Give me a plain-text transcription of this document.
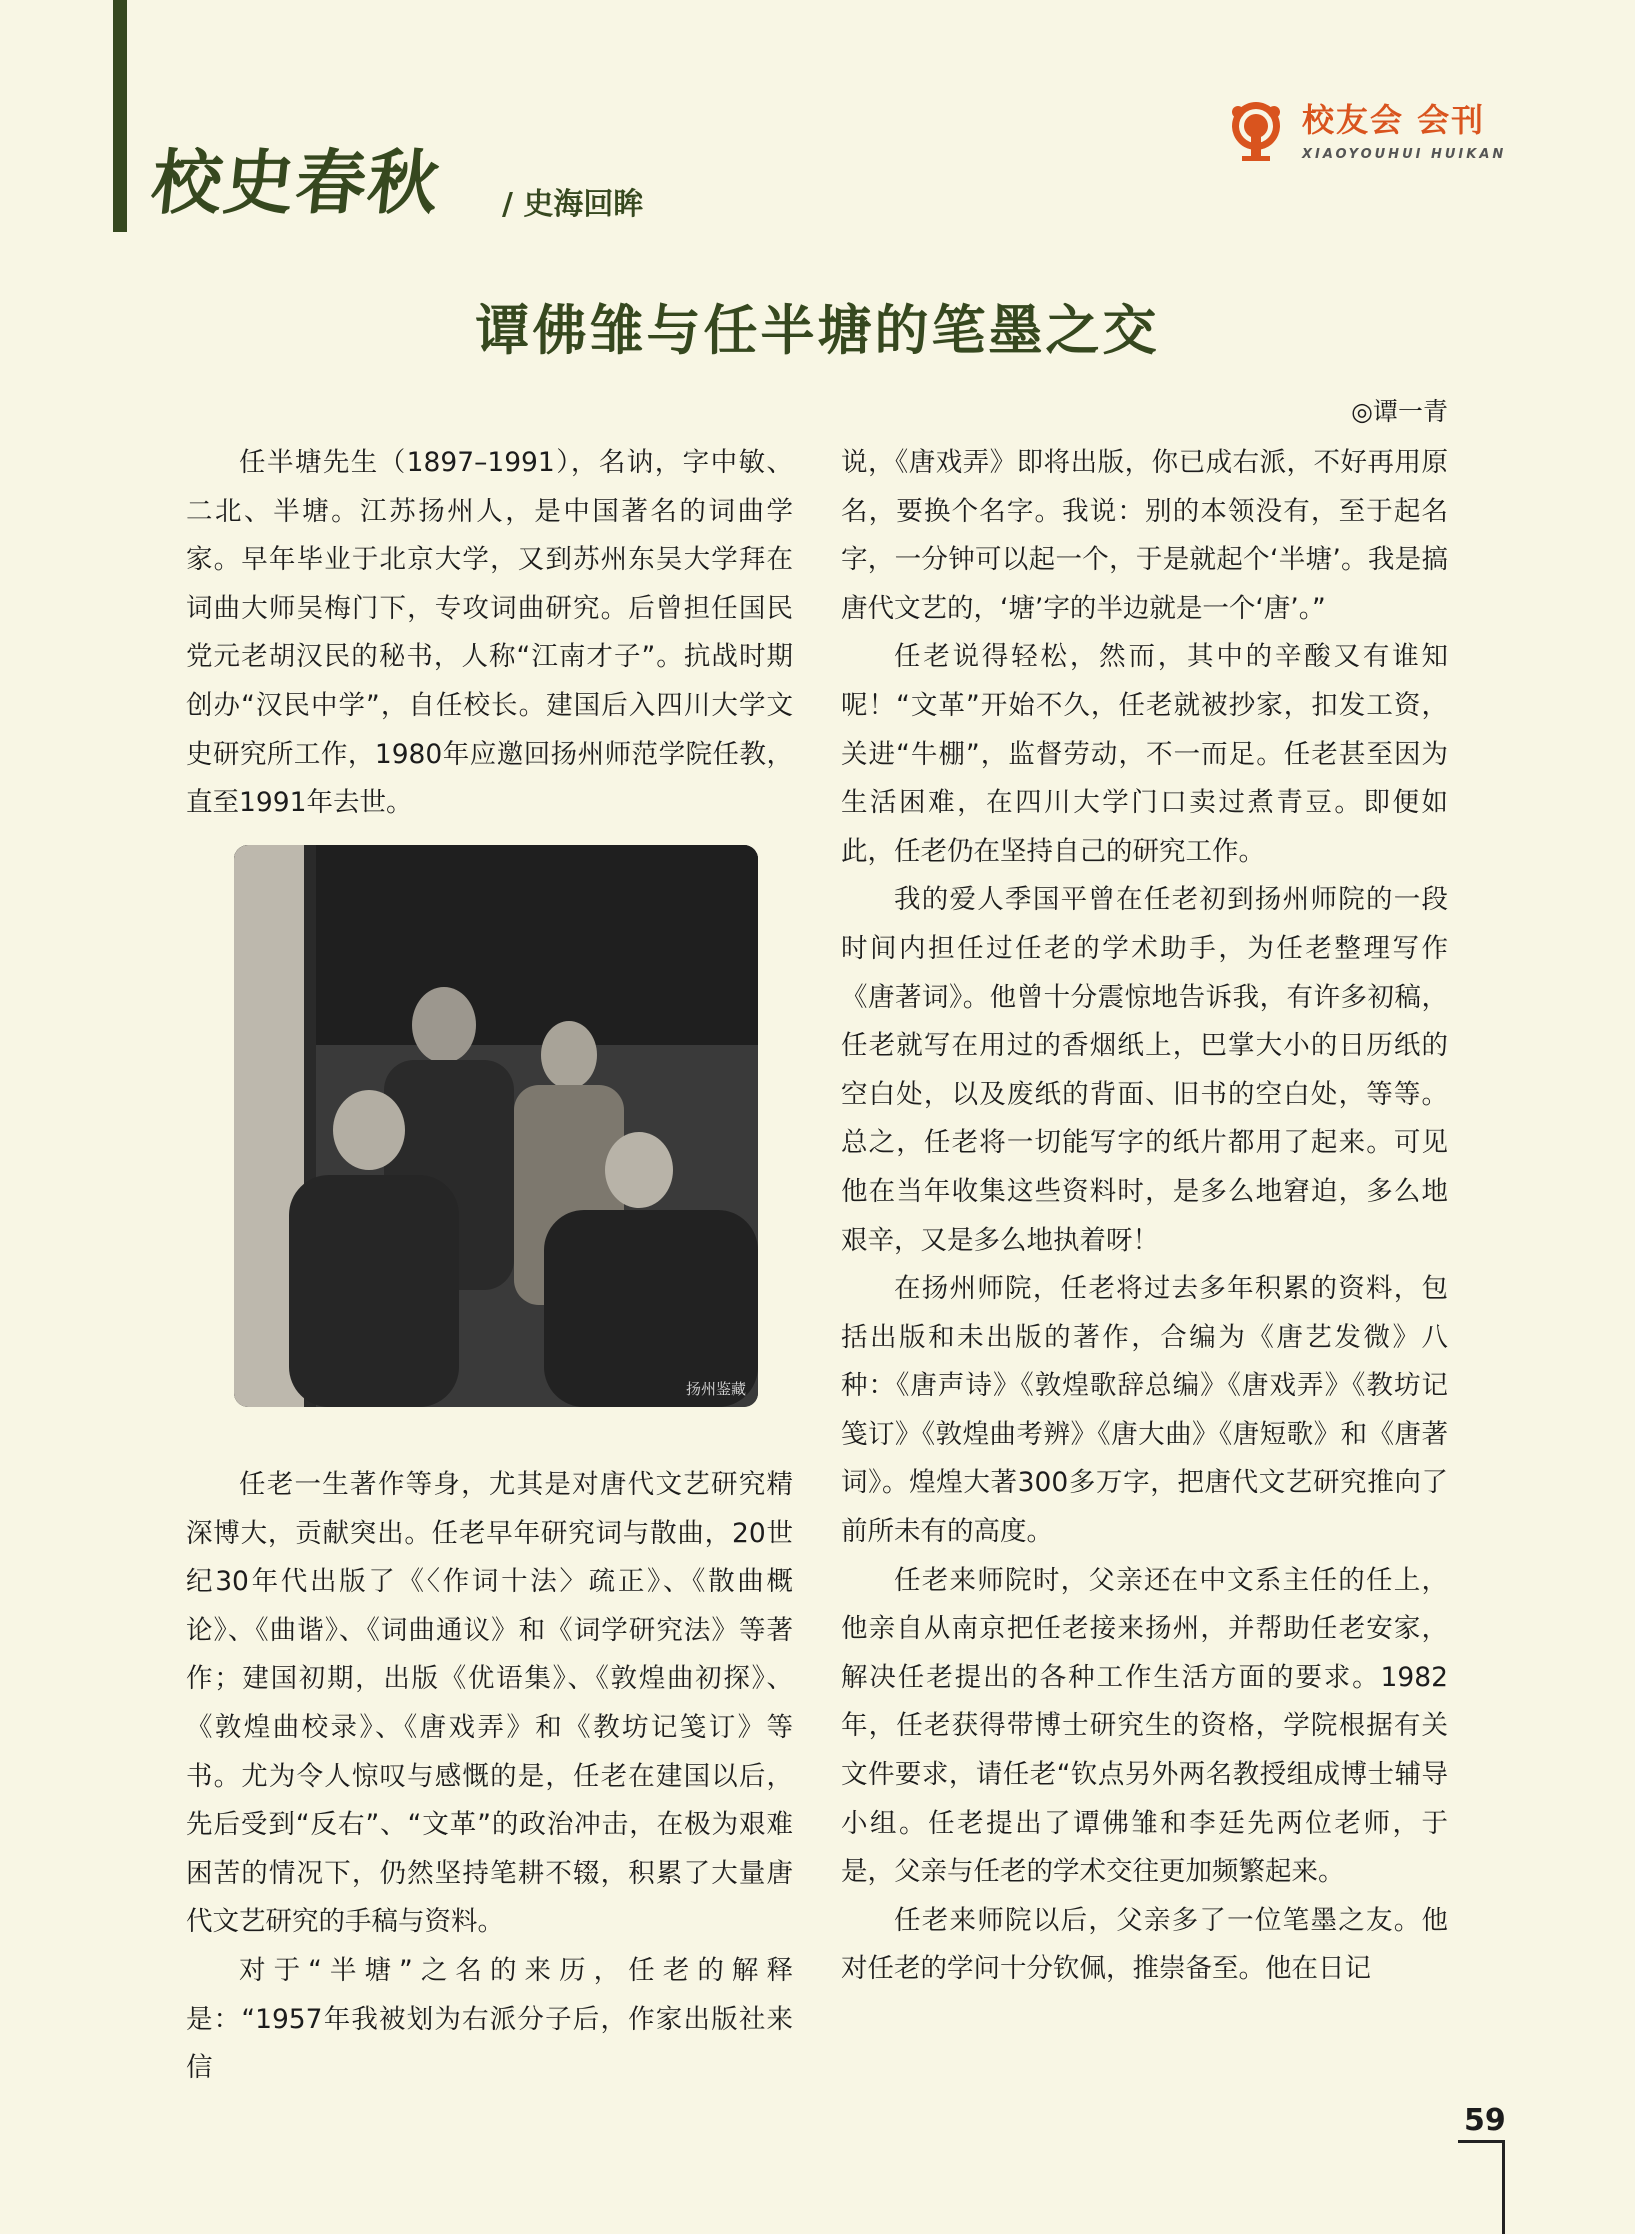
校史春秋 / 史海回眸
校友会 会刊
XIAOYOUHUI HUIKAN
谭佛雏与任半塘的笔墨之交
◎谭一青

任半塘先生（1897–1991），名讷，字中敏、二北、半塘。江苏扬州人，是中国著名的词曲学家。早年毕业于北京大学，又到苏州东吴大学拜在词曲大师吴梅门下，专攻词曲研究。后曾担任国民党元老胡汉民的秘书，人称“江南才子”。抗战时期创办“汉民中学”，自任校长。建国后入四川大学文史研究所工作，1980年应邀回扬州师范学院任教，直至1991年去世。

扬州鉴藏

任老一生著作等身，尤其是对唐代文艺研究精深博大，贡献突出。任老早年研究词与散曲，20世纪30年代出版了《〈作词十法〉疏正》、《散曲概论》、《曲谐》、《词曲通议》和《词学研究法》等著作；建国初期，出版《优语集》、《敦煌曲初探》、《敦煌曲校录》、《唐戏弄》和《教坊记笺订》等书。尤为令人惊叹与感慨的是，任老在建国以后，先后受到“反右”、“文革”的政治冲击，在极为艰难困苦的情况下，仍然坚持笔耕不辍，积累了大量唐代文艺研究的手稿与资料。

对于“半塘”之名的来历，任老的解释是：“1957年我被划为右派分子后，作家出版社来信

说，《唐戏弄》即将出版，你已成右派，不好再用原名，要换个名字。我说：别的本领没有，至于起名字，一分钟可以起一个，于是就起个‘半塘’。我是搞唐代文艺的，‘塘’字的半边就是一个‘唐’。”

任老说得轻松，然而，其中的辛酸又有谁知呢！“文革”开始不久，任老就被抄家，扣发工资，关进“牛棚”，监督劳动，不一而足。任老甚至因为生活困难，在四川大学门口卖过煮青豆。即便如此，任老仍在坚持自己的研究工作。

我的爱人季国平曾在任老初到扬州师院的一段时间内担任过任老的学术助手，为任老整理写作《唐著词》。他曾十分震惊地告诉我，有许多初稿，任老就写在用过的香烟纸上，巴掌大小的日历纸的空白处，以及废纸的背面、旧书的空白处，等等。总之，任老将一切能写字的纸片都用了起来。可见他在当年收集这些资料时，是多么地窘迫，多么地艰辛，又是多么地执着呀！

在扬州师院，任老将过去多年积累的资料，包括出版和未出版的著作，合编为《唐艺发微》八种：《唐声诗》《敦煌歌辞总编》《唐戏弄》《教坊记笺订》《敦煌曲考辨》《唐大曲》《唐短歌》和《唐著词》。煌煌大著300多万字，把唐代文艺研究推向了前所未有的高度。

任老来师院时，父亲还在中文系主任的任上，他亲自从南京把任老接来扬州，并帮助任老安家，解决任老提出的各种工作生活方面的要求。1982年，任老获得带博士研究生的资格，学院根据有关文件要求，请任老“钦点另外两名教授组成博士辅导小组。任老提出了谭佛雏和李廷先两位老师，于是，父亲与任老的学术交往更加频繁起来。

任老来师院以后，父亲多了一位笔墨之友。他对任老的学问十分钦佩，推崇备至。他在日记

59
